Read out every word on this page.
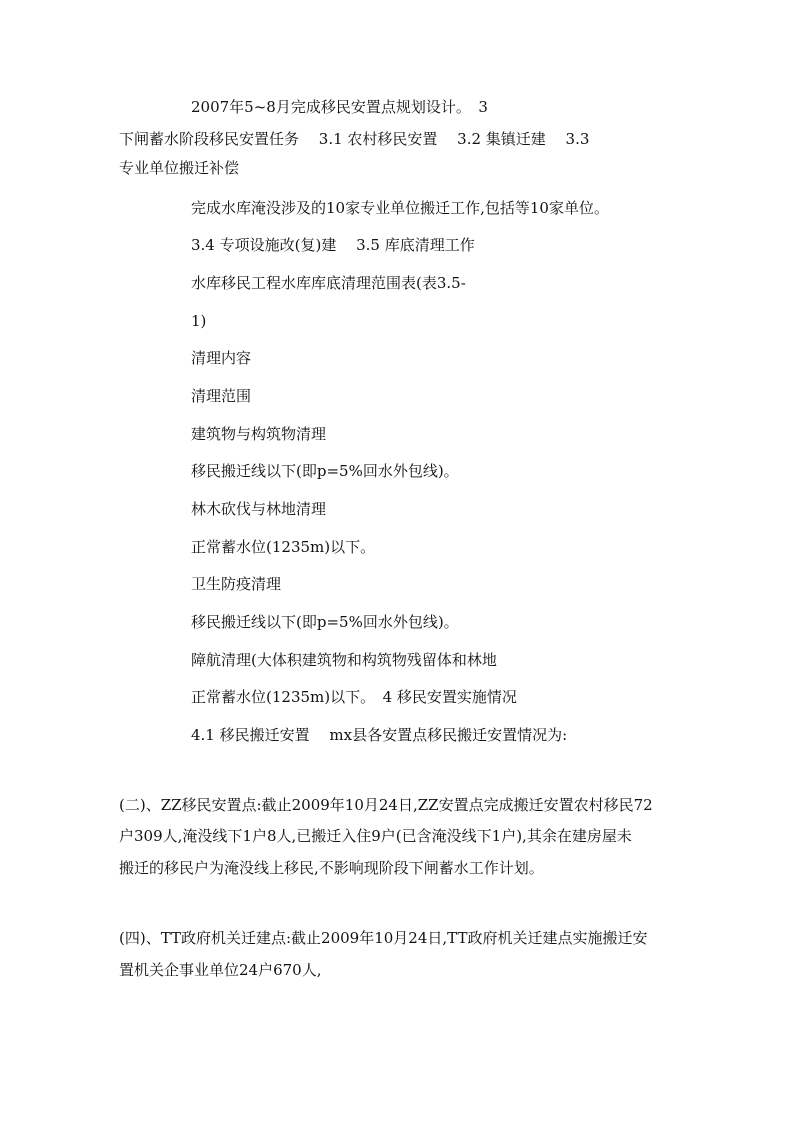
2007年5~8月完成移民安置点规划设计。　3
下闸蓄水阶段移民安置任务　 3.1 农村移民安置　 3.2 集镇迁建　 3.3
专业单位搬迁补偿
完成水库淹没涉及的10家专业单位搬迁工作,包括等10家单位。
3.4 专项设施改(复)建　 3.5 库底清理工作
水库移民工程水库库底清理范围表(表3.5-
1)
清理内容
清理范围
建筑物与构筑物清理
移民搬迁线以下(即p=5%回水外包线)。
林木砍伐与林地清理
正常蓄水位(1235m)以下。
卫生防疫清理
移民搬迁线以下(即p=5%回水外包线)。
障航清理(大体积建筑物和构筑物残留体和林地
正常蓄水位(1235m)以下。　4 移民安置实施情况
4.1 移民搬迁安置　 mx县各安置点移民搬迁安置情况为:
(二)、ZZ移民安置点:截止2009年10月24日,ZZ安置点完成搬迁安置农村移民72
户309人,淹没线下1户8人,已搬迁入住9户(已含淹没线下1户),其余在建房屋未
搬迁的移民户为淹没线上移民,不影响现阶段下闸蓄水工作计划。
(四)、TT政府机关迁建点:截止2009年10月24日,TT政府机关迁建点实施搬迁安
置机关企事业单位24户670人,
